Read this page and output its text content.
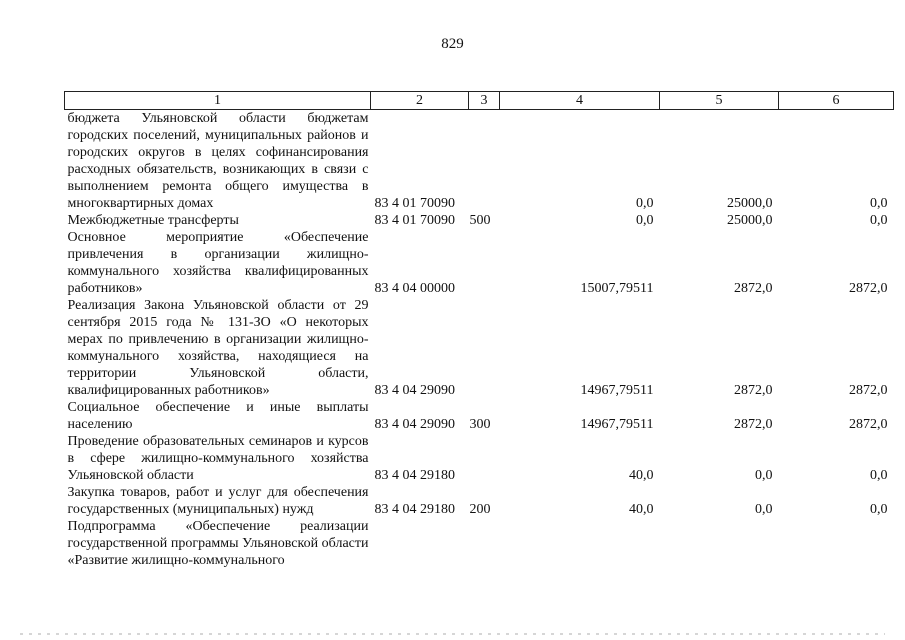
829
1	2	3	4	5	6
бюджета Ульяновской области бюджетам городских поселений, муниципальных районов и городских округов в целях софинансирования расходных обязательств, возникающих в связи с выполнением ремонта общего имущества в многоквартирных домах	83 4 01 70090		0,0	25000,0	0,0
Межбюджетные трансферты	83 4 01 70090	500	0,0	25000,0	0,0
Основное мероприятие «Обеспечение привлечения в организации жилищно-коммунального хозяйства квалифицированных работников»	83 4 04 00000		15007,79511	2872,0	2872,0
Реализация Закона Ульяновской области от 29 сентября 2015 года № 131-ЗО «О некоторых мерах по привлечению в организации жилищно-коммунального хозяйства, находящиеся на территории Ульяновской области, квалифицированных работников»	83 4 04 29090		14967,79511	2872,0	2872,0
Социальное обеспечение и иные выплаты населению	83 4 04 29090	300	14967,79511	2872,0	2872,0
Проведение образовательных семинаров и курсов в сфере жилищно-коммунального хозяйства Ульяновской области	83 4 04 29180		40,0	0,0	0,0
Закупка товаров, работ и услуг для обеспечения государственных (муниципальных) нужд	83 4 04 29180	200	40,0	0,0	0,0
Подпрограмма «Обеспечение реализации государственной программы Ульяновской области «Развитие жилищно-коммунального					
